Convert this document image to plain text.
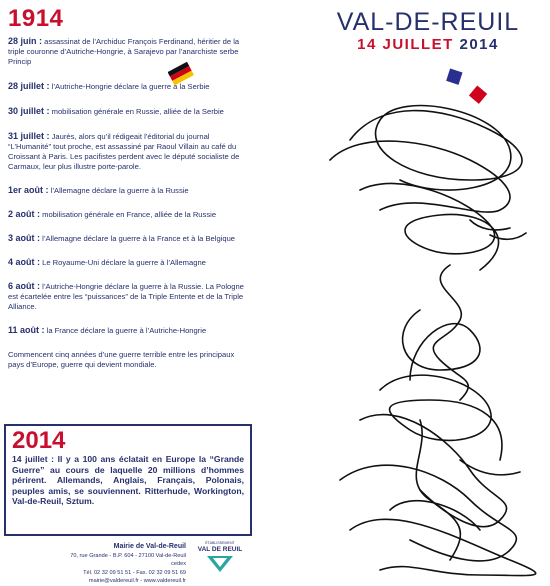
1914

28 juin : assassinat de l’Archiduc François Ferdinand, héritier de la triple couronne d’Autriche-Hongrie, à Sarajevo par l’anarchiste serbe Princip

28 juillet : l’Autriche-Hongrie déclare la guerre à la Serbie

30 juillet : mobilisation générale en Russie, alliée de la Serbie

31 juillet : Jaurès, alors qu’il rédigeait l’éditorial du journal “L’Humanité” tout proche, est assassiné par Raoul Villain au café du Croissant à Paris. Les pacifistes perdent avec le député socialiste de Carmaux, leur plus illustre porte-parole.

1er août : l’Allemagne déclare la guerre à la Russie

2 août : mobilisation générale en France, alliée de la Russie

3 août : l’Allemagne déclare la guerre à la France et à la Belgique

4 août : Le Royaume-Uni déclare la guerre à l’Allemagne

6 août : l’Autriche-Hongrie déclare la guerre à la Russie. La Pologne est écartelée entre les “puissances” de la Triple Entente et de la Triple Alliance.

11 août : la France déclare la guerre à l’Autriche-Hongrie

Commencent cinq années d’une guerre terrible entre les principaux pays d’Europe, guerre qui devient mondiale.

VAL-DE-REUIL
14 JUILLET 2014
2014
14 juillet : Il y a 100 ans éclatait en Europe la “Grande Guerre” au cours de laquelle 20 millions d’hommes périrent. Allemands, Anglais, Français, Polonais, peuples amis, se souviennent. Ritterhude, Workington, Val-de-Reuil, Sztum.
Mairie de Val-de-Reuil
70, rue Grande - B.P. 604 - 27100 Val-de-Reuil cedex
Tél. 02 32 09 51 51 - Fax. 02 32 09 51 69
mairie@valdereuil.fr - www.valdereuil.fr
ÉTABLISSEMENT
VAL DE REUIL
